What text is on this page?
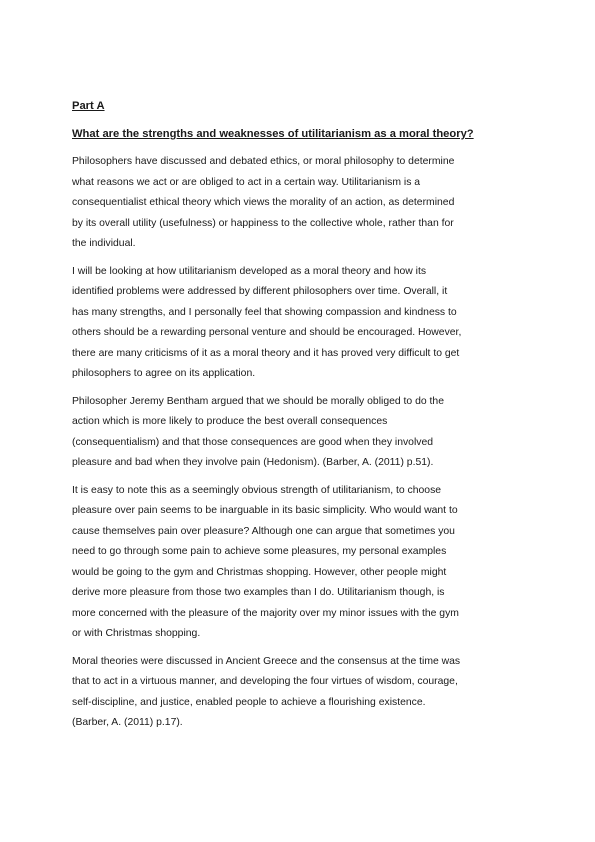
Part A

What are the strengths and weaknesses of utilitarianism as a moral theory?

Philosophers have discussed and debated ethics, or moral philosophy to determine
what reasons we act or are obliged to act in a certain way. Utilitarianism is a
consequentialist ethical theory which views the morality of an action, as determined
by its overall utility (usefulness) or happiness to the collective whole, rather than for
the individual.

I will be looking at how utilitarianism developed as a moral theory and how its
identified problems were addressed by different philosophers over time. Overall, it
has many strengths, and I personally feel that showing compassion and kindness to
others should be a rewarding personal venture and should be encouraged. However,
there are many criticisms of it as a moral theory and it has proved very difficult to get
philosophers to agree on its application.

Philosopher Jeremy Bentham argued that we should be morally obliged to do the
action which is more likely to produce the best overall consequences
(consequentialism) and that those consequences are good when they involved
pleasure and bad when they involve pain (Hedonism). (Barber, A. (2011) p.51).

It is easy to note this as a seemingly obvious strength of utilitarianism, to choose
pleasure over pain seems to be inarguable in its basic simplicity. Who would want to
cause themselves pain over pleasure? Although one can argue that sometimes you
need to go through some pain to achieve some pleasures, my personal examples
would be going to the gym and Christmas shopping. However, other people might
derive more pleasure from those two examples than I do. Utilitarianism though, is
more concerned with the pleasure of the majority over my minor issues with the gym
or with Christmas shopping.

Moral theories were discussed in Ancient Greece and the consensus at the time was
that to act in a virtuous manner, and developing the four virtues of wisdom, courage,
self-discipline, and justice, enabled people to achieve a flourishing existence.
(Barber, A. (2011) p.17).
